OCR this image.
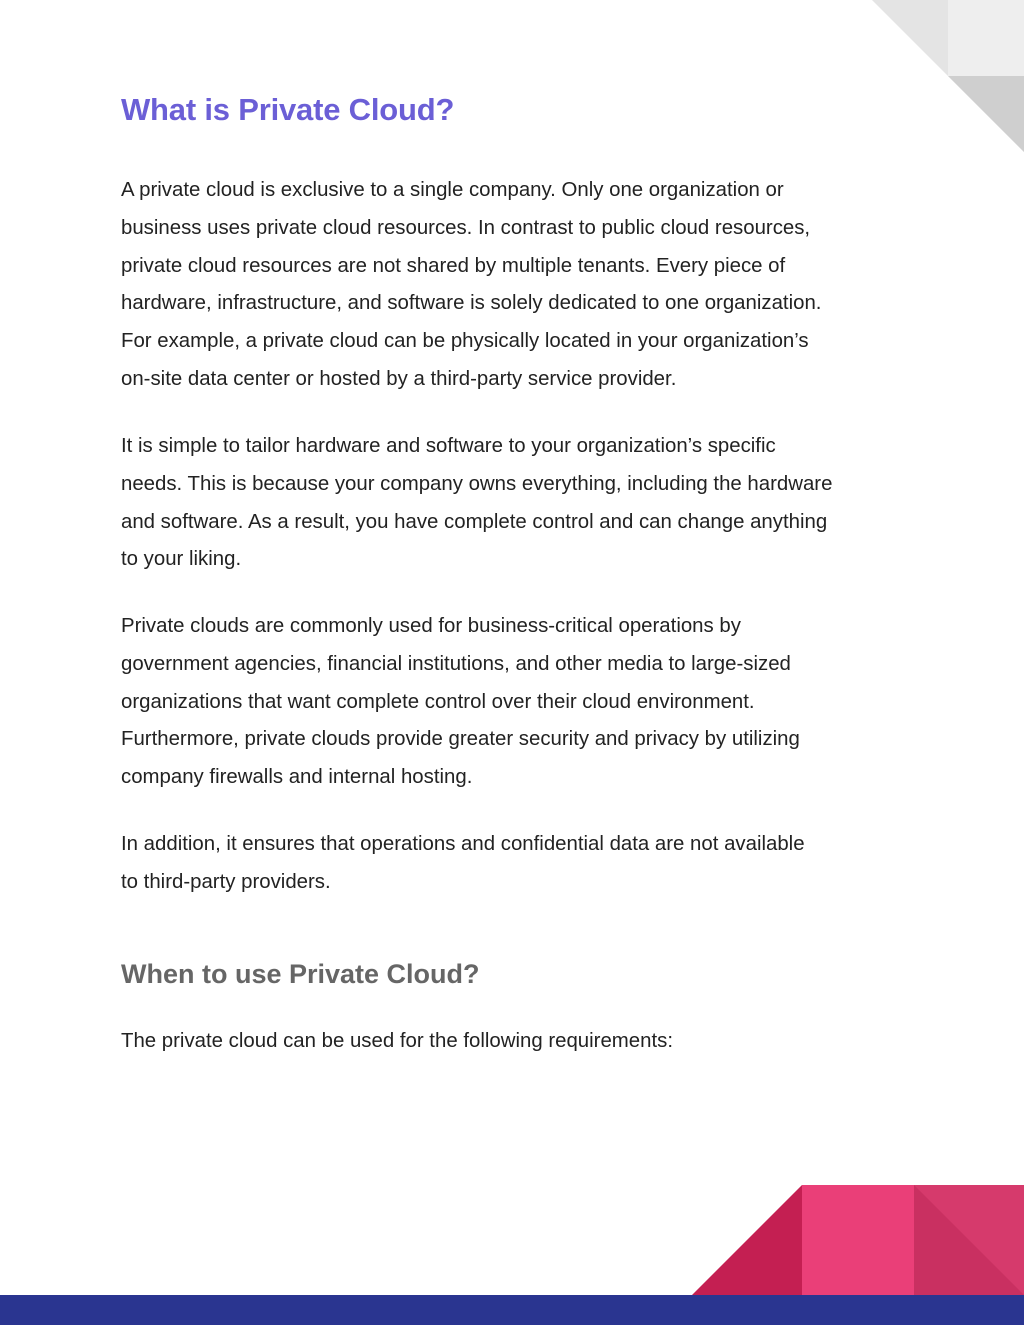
What is Private Cloud?
A private cloud is exclusive to a single company. Only one organization or
business uses private cloud resources. In contrast to public cloud resources,
private cloud resources are not shared by multiple tenants. Every piece of
hardware, infrastructure, and software is solely dedicated to one organization.
For example, a private cloud can be physically located in your organization’s
on-site data center or hosted by a third-party service provider.
It is simple to tailor hardware and software to your organization’s specific
needs. This is because your company owns everything, including the hardware
and software. As a result, you have complete control and can change anything
to your liking.
Private clouds are commonly used for business-critical operations by
government agencies, financial institutions, and other media to large-sized
organizations that want complete control over their cloud environment.
Furthermore, private clouds provide greater security and privacy by utilizing
company firewalls and internal hosting.
In addition, it ensures that operations and confidential data are not available
to third-party providers.
When to use Private Cloud?
The private cloud can be used for the following requirements:
